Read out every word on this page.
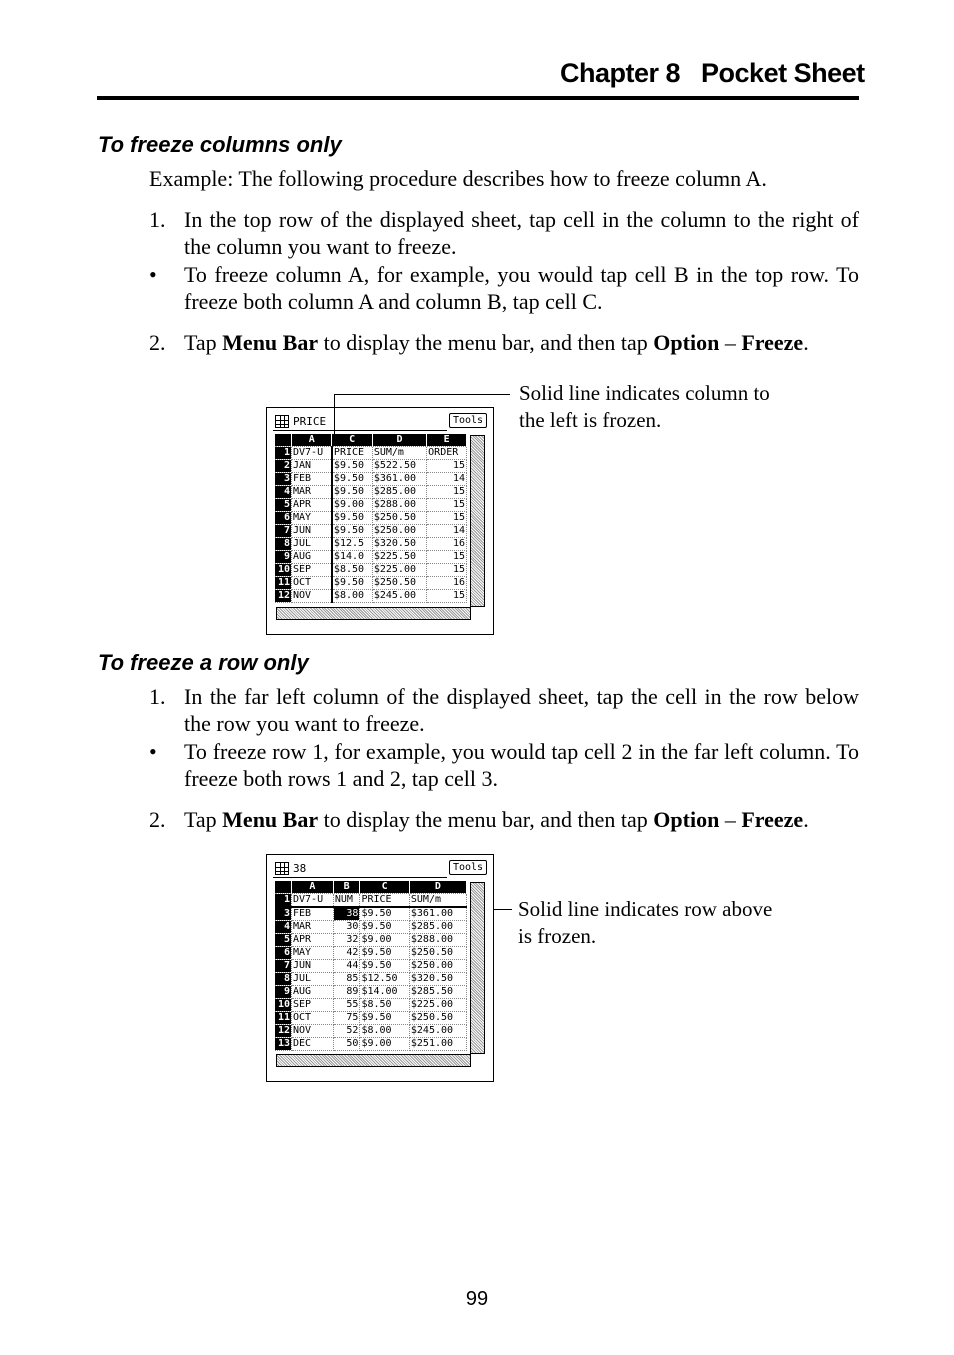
Chapter 8   Pocket Sheet
To freeze columns only
Example: The following procedure describes how to freeze column A.
1. In the top row of the displayed sheet, tap cell in the column to the right of the column you want to freeze.
• To freeze column A, for example, you would tap cell B in the top row. To freeze both column A and column B, tap cell C.
2. Tap Menu Bar to display the menu bar, and then tap Option – Freeze.
PRICE	Tools
	A	C	D	E
1	DV7-U	PRICE	SUM/m	ORDER
2	JAN	$9.50	$522.50	15
3	FEB	$9.50	$361.00	14
4	MAR	$9.50	$285.00	15
5	APR	$9.00	$288.00	15
6	MAY	$9.50	$250.50	15
7	JUN	$9.50	$250.00	14
8	JUL	$12.5	$320.50	16
9	AUG	$14.0	$225.50	15
10	SEP	$8.50	$225.00	15
11	OCT	$9.50	$250.50	16
12	NOV	$8.00	$245.00	15
Solid line indicates column to the left is frozen.
To freeze a row only
1. In the far left column of the displayed sheet, tap the cell in the row below the row you want to freeze.
• To freeze row 1, for example, you would tap cell 2 in the far left column. To freeze both rows 1 and 2, tap cell 3.
2. Tap Menu Bar to display the menu bar, and then tap Option – Freeze.
38	Tools
	A	B	C	D
1	DV7-U	NUM	PRICE	SUM/m
3	FEB	38	$9.50	$361.00
4	MAR	30	$9.50	$285.00
5	APR	32	$9.00	$288.00
6	MAY	42	$9.50	$250.50
7	JUN	44	$9.50	$250.00
8	JUL	85	$12.50	$320.50
9	AUG	89	$14.00	$285.50
10	SEP	55	$8.50	$225.00
11	OCT	75	$9.50	$250.50
12	NOV	52	$8.00	$245.00
13	DEC	50	$9.00	$251.00
Solid line indicates row above is frozen.
99
